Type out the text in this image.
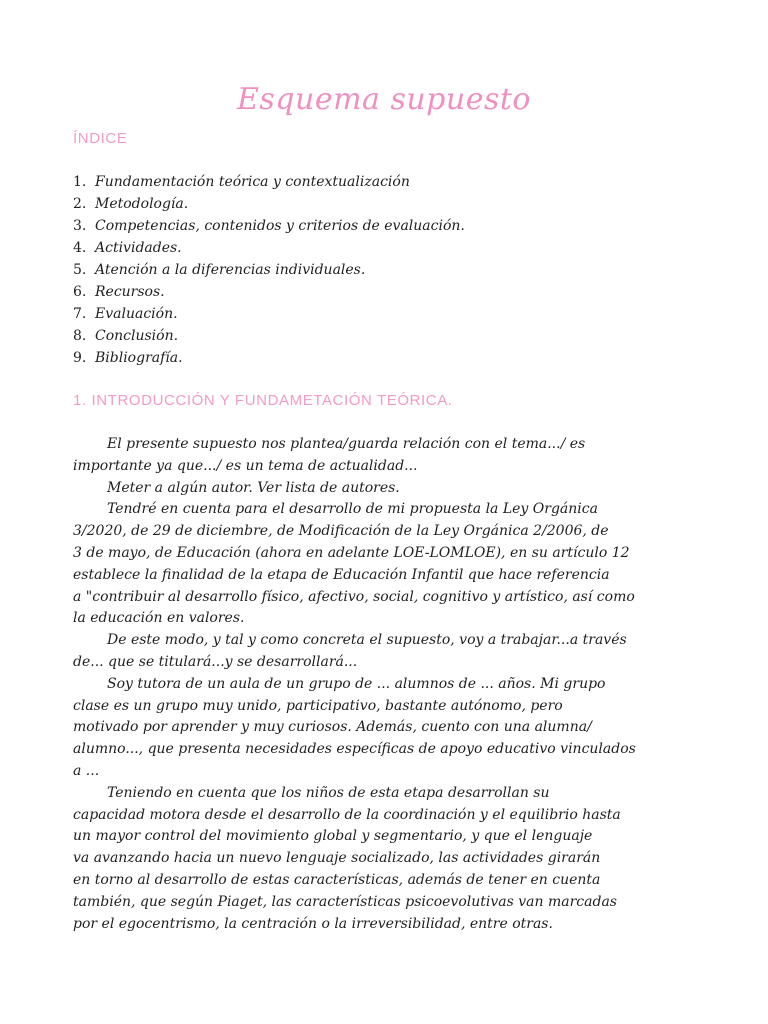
Esquema supuesto
ÍNDICE
1. Fundamentación teórica y contextualización
2. Metodología.
3. Competencias, contenidos y criterios de evaluación.
4. Actividades.
5. Atención a la diferencias individuales.
6. Recursos.
7. Evaluación.
8. Conclusión.
9. Bibliografía.
1. INTRODUCCIÓN Y FUNDAMETACIÓN TEÓRICA.
El presente supuesto nos plantea/guarda relación con el tema.../ es
importante ya que.../ es un tema de actualidad...
Meter a algún autor. Ver lista de autores.
Tendré en cuenta para el desarrollo de mi propuesta la Ley Orgánica
3/2020, de 29 de diciembre, de Modificación de la Ley Orgánica 2/2006, de
3 de mayo, de Educación (ahora en adelante LOE-LOMLOE), en su artículo 12
establece la finalidad de la etapa de Educación Infantil que hace referencia
a "contribuir al desarrollo físico, afectivo, social, cognitivo y artístico, así como
la educación en valores.
De este modo, y tal y como concreta el supuesto, voy a trabajar...a través
de... que se titulará...y se desarrollará...
Soy tutora de un aula de un grupo de ... alumnos de ... años. Mi grupo
clase es un grupo muy unido, participativo, bastante autónomo, pero
motivado por aprender y muy curiosos. Además, cuento con una alumna/
alumno..., que presenta necesidades específicas de apoyo educativo vinculados
a ...
Teniendo en cuenta que los niños de esta etapa desarrollan su
capacidad motora desde el desarrollo de la coordinación y el equilibrio hasta
un mayor control del movimiento global y segmentario, y que el lenguaje
va avanzando hacia un nuevo lenguaje socializado, las actividades girarán
en torno al desarrollo de estas características, además de tener en cuenta
también, que según Piaget, las características psicoevolutivas van marcadas
por el egocentrismo, la centración o la irreversibilidad, entre otras.
